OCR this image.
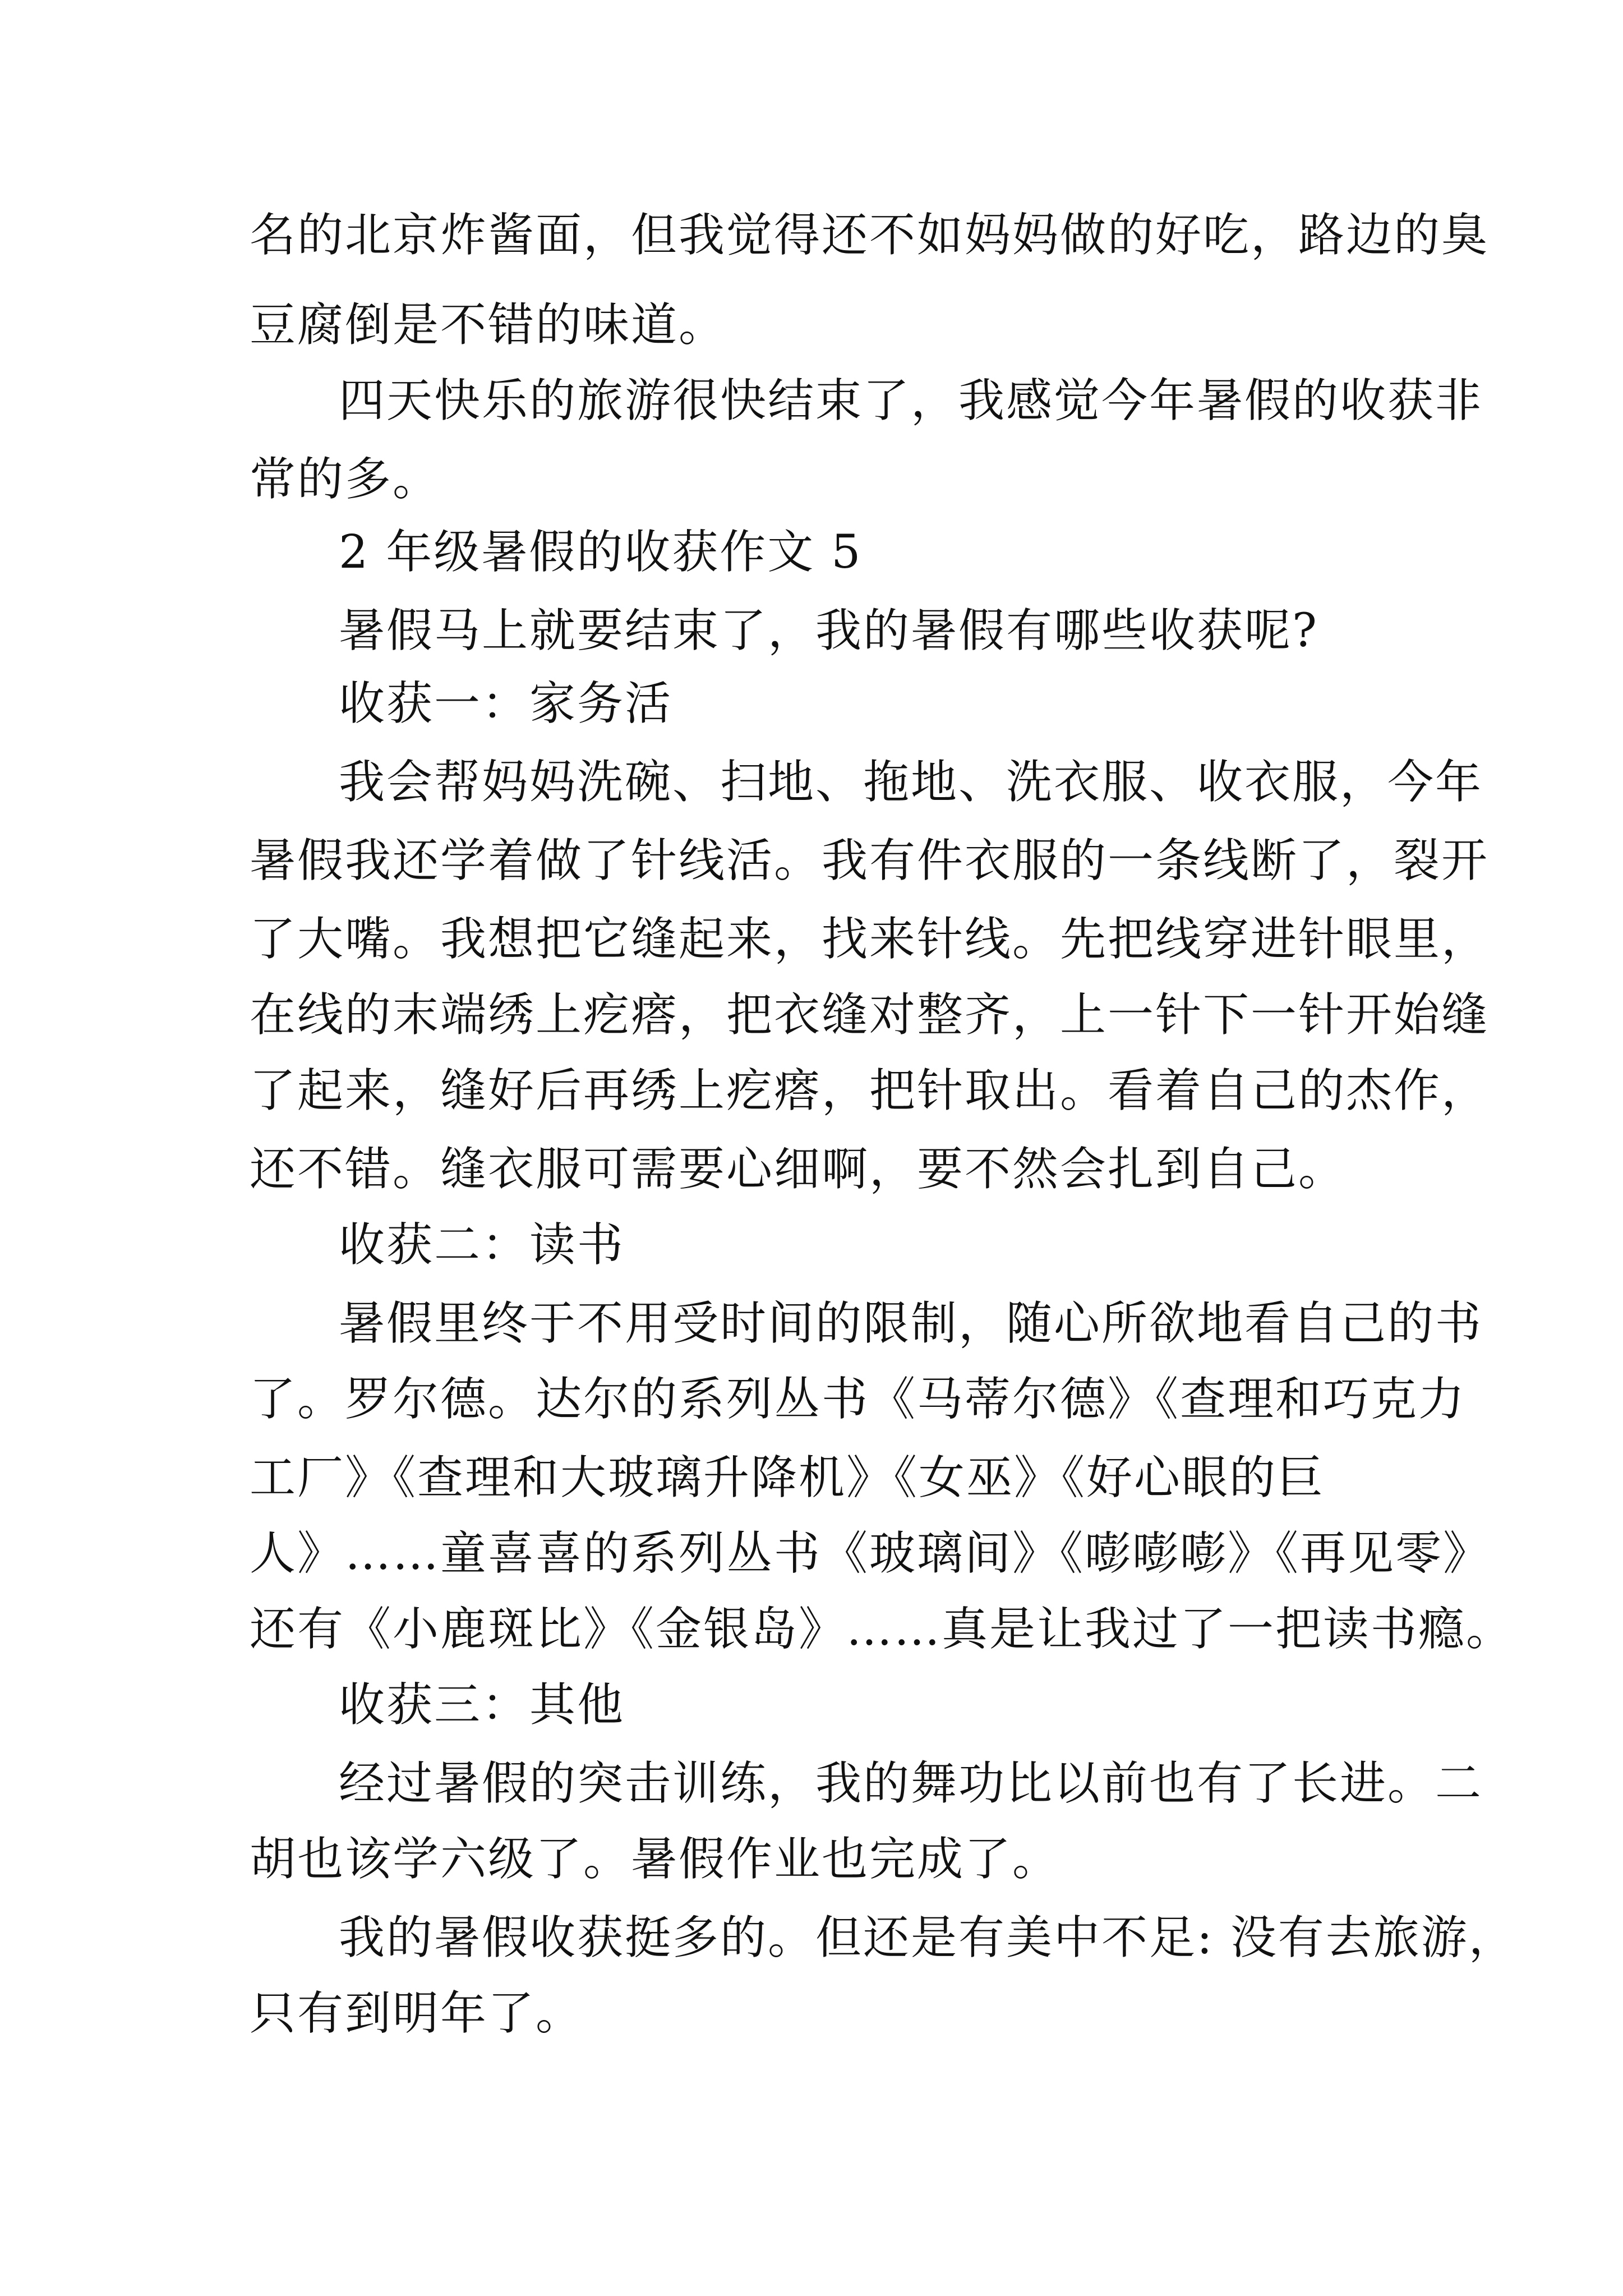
名的北京炸酱面，但我觉得还不如妈妈做的好吃，路边的臭
豆腐倒是不错的味道。
四天快乐的旅游很快结束了，我感觉今年暑假的收获非
常的多。
2 年级暑假的收获作文 5
暑假马上就要结束了，我的暑假有哪些收获呢?
收获一：家务活
我会帮妈妈洗碗、扫地、拖地、洗衣服、收衣服，今年
暑假我还学着做了针线活。我有件衣服的一条线断了，裂开
了大嘴。我想把它缝起来，找来针线。先把线穿进针眼里，
在线的末端绣上疙瘩，把衣缝对整齐，上一针下一针开始缝
了起来，缝好后再绣上疙瘩，把针取出。看着自己的杰作，
还不错。缝衣服可需要心细啊，要不然会扎到自己。
收获二：读书
暑假里终于不用受时间的限制，随心所欲地看自己的书
了。罗尔德。达尔的系列丛书《马蒂尔德》《查理和巧克力
工厂》《查理和大玻璃升降机》《女巫》《好心眼的巨
人》……童喜喜的系列丛书《玻璃间》《嘭嘭嘭》《再见零》
还有《小鹿斑比》《金银岛》……真是让我过了一把读书瘾。
收获三：其他
经过暑假的突击训练，我的舞功比以前也有了长进。二
胡也该学六级了。暑假作业也完成了。
我的暑假收获挺多的。但还是有美中不足: 没有去旅游，
只有到明年了。
